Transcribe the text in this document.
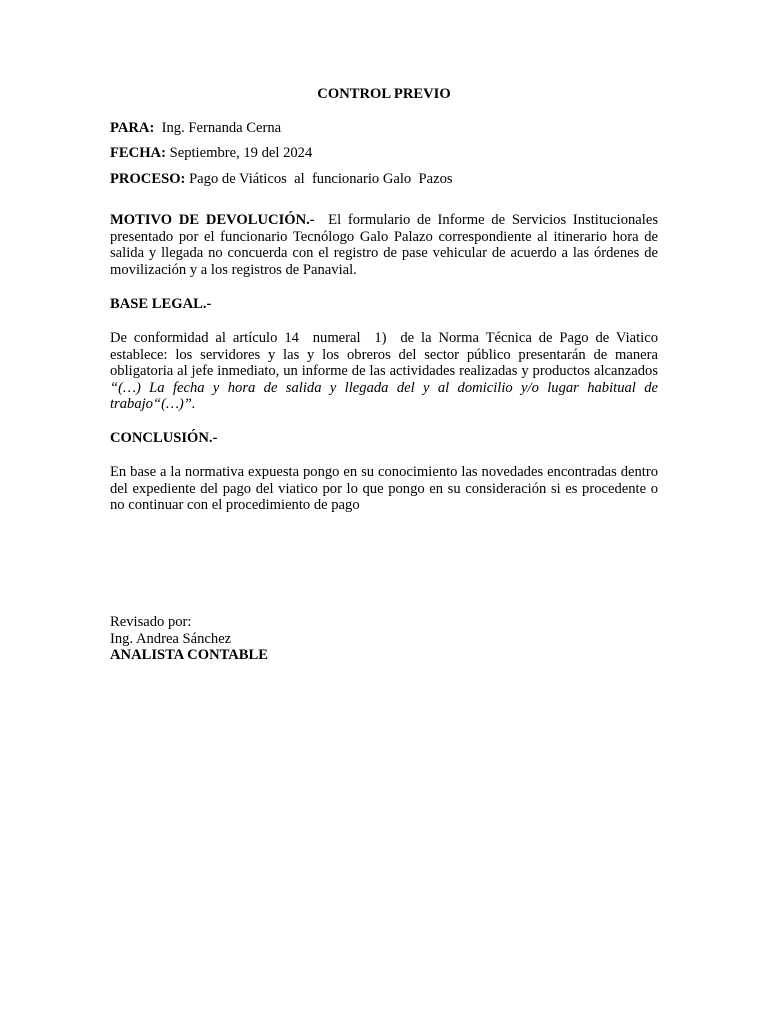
CONTROL PREVIO
PARA: Ing. Fernanda Cerna
FECHA: Septiembre, 19 del 2024
PROCESO: Pago de Viáticos  al  funcionario Galo  Pazos
MOTIVO DE DEVOLUCIÓN.- El formulario de Informe de Servicios Institucionales presentado por el funcionario Tecnólogo Galo Palazo correspondiente al itinerario hora de salida y llegada no concuerda con el registro de pase vehicular de acuerdo a las órdenes de movilización y a los registros de Panavial.
BASE LEGAL.-
De conformidad al artículo 14  numeral  1)  de la Norma Técnica de Pago de Viatico establece: los servidores y las y los obreros del sector público presentarán de manera obligatoria al jefe inmediato, un informe de las actividades realizadas y productos alcanzados “(…) La fecha y hora de salida y llegada del y al domicilio y/o lugar habitual de trabajo“(…)”.
CONCLUSIÓN.-
En base a la normativa expuesta pongo en su conocimiento las novedades encontradas dentro del expediente del pago del viatico por lo que pongo en su consideración si es procedente o no continuar con el procedimiento de pago
Revisado por:
Ing. Andrea Sánchez
ANALISTA CONTABLE
